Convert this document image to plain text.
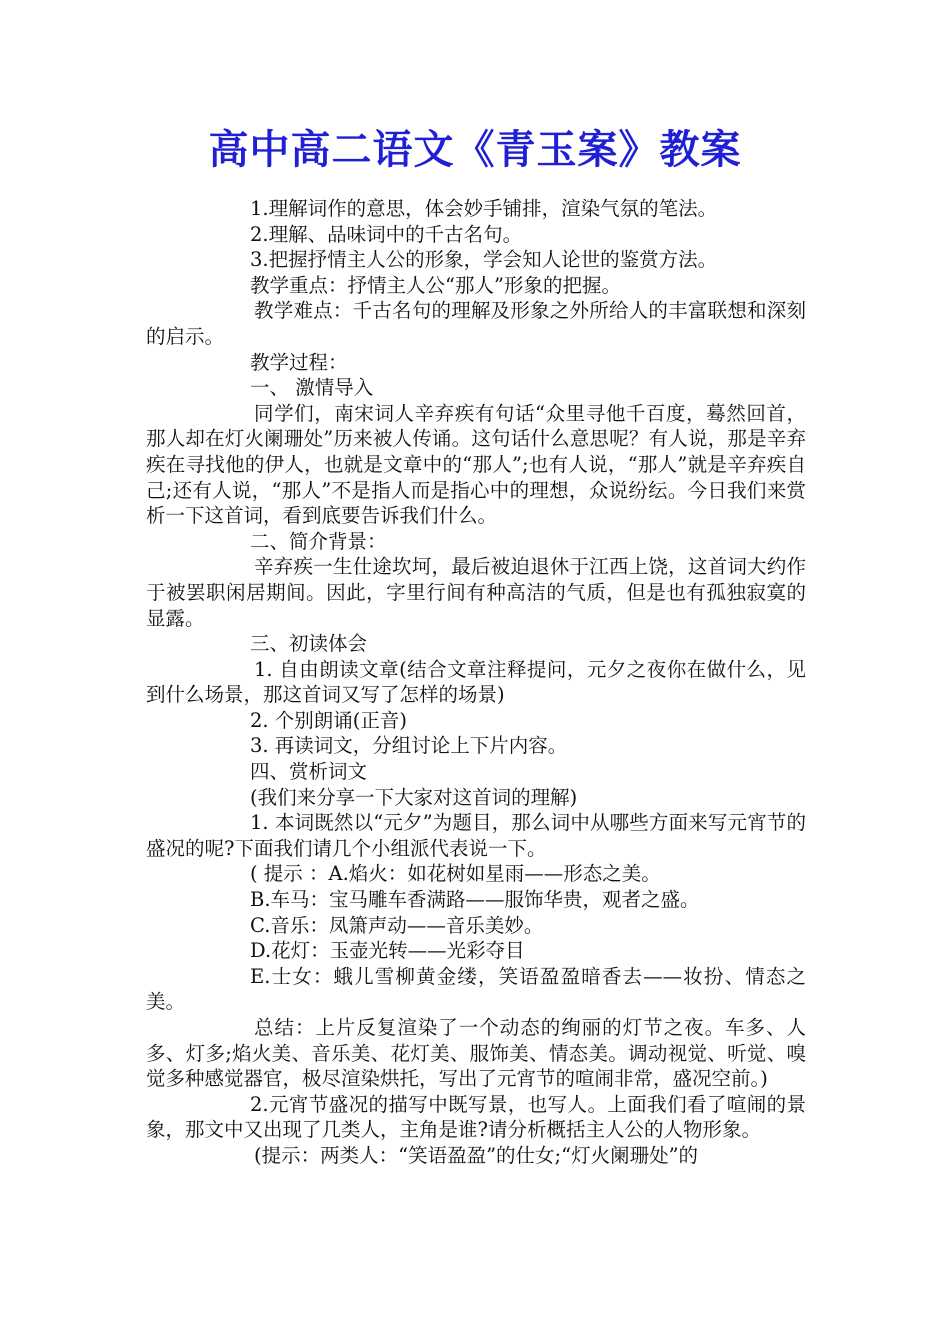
高中高二语文《青玉案》教案

1.理解词作的意思，体会妙手铺排，渲染气氛的笔法。

2.理解、品味词中的千古名句。

3.把握抒情主人公的形象，学会知人论世的鉴赏方法。

教学重点：抒情主人公“那人”形象的把握。

教学难点：千古名句的理解及形象之外所给人的丰富联想和深刻的启示。

教学过程：

一、 激情导入

同学们，南宋词人辛弃疾有句话“众里寻他千百度，蓦然回首，那人却在灯火阑珊处”历来被人传诵。这句话什么意思呢？有人说，那是辛弃疾在寻找他的伊人，也就是文章中的“那人”;也有人说，“那人”就是辛弃疾自己;还有人说，“那人”不是指人而是指心中的理想，众说纷纭。今日我们来赏析一下这首词，看到底要告诉我们什么。

二、简介背景：

辛弃疾一生仕途坎坷，最后被迫退休于江西上饶，这首词大约作于被罢职闲居期间。因此，字里行间有种高洁的气质，但是也有孤独寂寞的显露。

三、初读体会

1. 自由朗读文章(结合文章注释提问，元夕之夜你在做什么，见到什么场景，那这首词又写了怎样的场景)

2. 个别朗诵(正音)

3. 再读词文，分组讨论上下片内容。

四、赏析词文

(我们来分享一下大家对这首词的理解)

1. 本词既然以“元夕”为题目，那么词中从哪些方面来写元宵节的盛况的呢?下面我们请几个小组派代表说一下。

( 提示 ：A.焰火：如花树如星雨——形态之美。

B.车马：宝马雕车香满路——服饰华贵，观者之盛。

C.音乐：凤箫声动——音乐美妙。

D.花灯：玉壶光转——光彩夺目

E.士女：蛾儿雪柳黄金缕，笑语盈盈暗香去——妆扮、情态之美。

总结：上片反复渲染了一个动态的绚丽的灯节之夜。车多、人多、灯多;焰火美、音乐美、花灯美、服饰美、情态美。调动视觉、听觉、嗅觉多种感觉器官，极尽渲染烘托，写出了元宵节的喧闹非常，盛况空前。)

2.元宵节盛况的描写中既写景，也写人。上面我们看了喧闹的景象，那文中又出现了几类人，主角是谁?请分析概括主人公的人物形象。

(提示：两类人：“笑语盈盈”的仕女;“灯火阑珊处”的
